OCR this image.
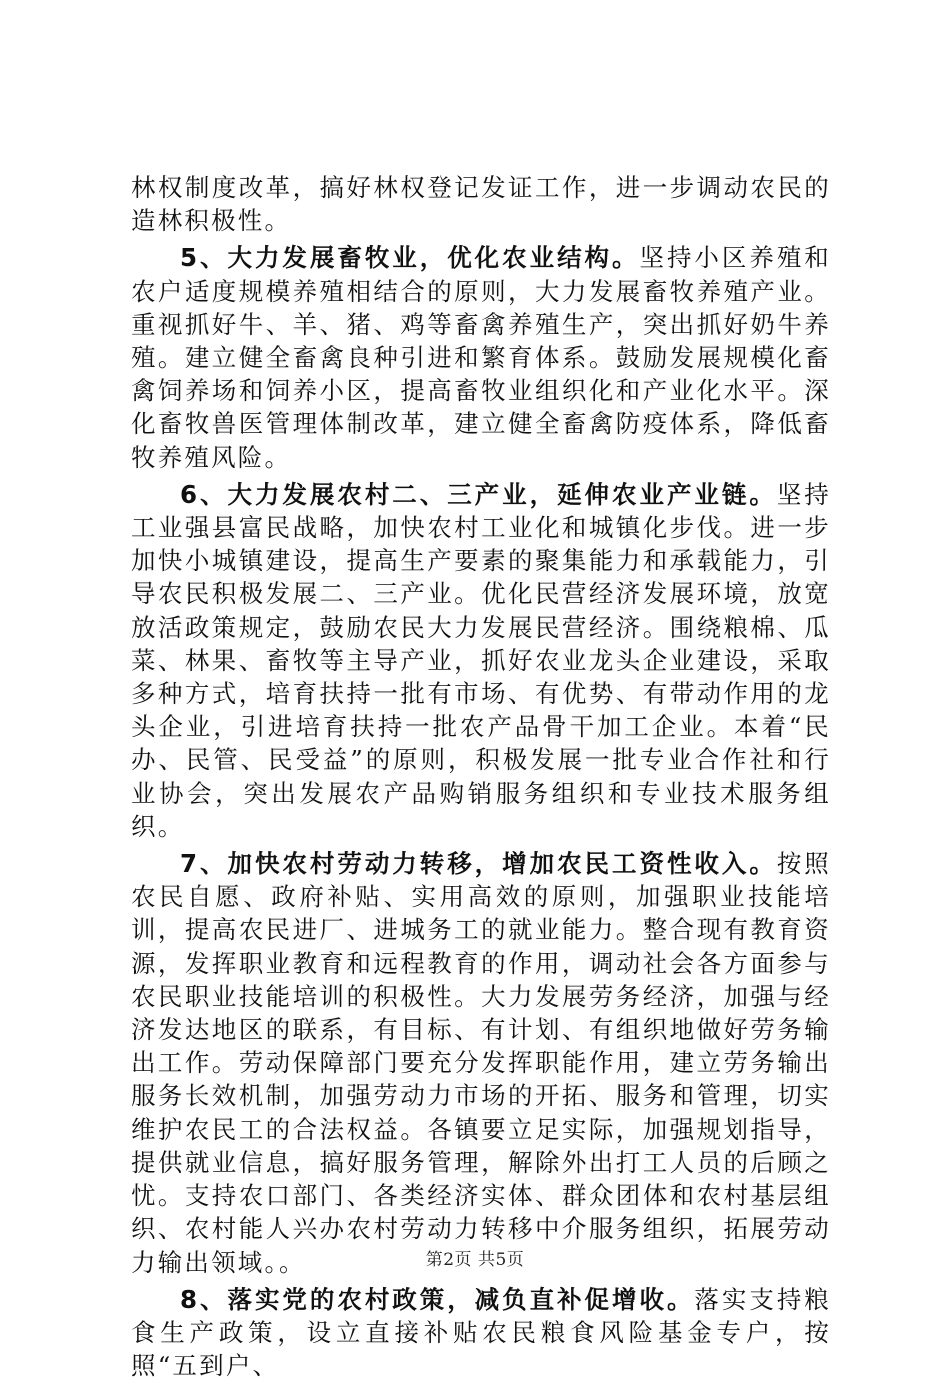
林权制度改革，搞好林权登记发证工作，进一步调动农民的造林积极性。

5、大力发展畜牧业，优化农业结构。坚持小区养殖和农户适度规模养殖相结合的原则，大力发展畜牧养殖产业。重视抓好牛、羊、猪、鸡等畜禽养殖生产，突出抓好奶牛养殖。建立健全畜禽良种引进和繁育体系。鼓励发展规模化畜禽饲养场和饲养小区，提高畜牧业组织化和产业化水平。深化畜牧兽医管理体制改革，建立健全畜禽防疫体系，降低畜牧养殖风险。

6、大力发展农村二、三产业，延伸农业产业链。坚持工业强县富民战略，加快农村工业化和城镇化步伐。进一步加快小城镇建设，提高生产要素的聚集能力和承载能力，引导农民积极发展二、三产业。优化民营经济发展环境，放宽放活政策规定，鼓励农民大力发展民营经济。围绕粮棉、瓜菜、林果、畜牧等主导产业，抓好农业龙头企业建设，采取多种方式，培育扶持一批有市场、有优势、有带动作用的龙头企业，引进培育扶持一批农产品骨干加工企业。本着“民办、民管、民受益”的原则，积极发展一批专业合作社和行业协会，突出发展农产品购销服务组织和专业技术服务组织。

7、加快农村劳动力转移，增加农民工资性收入。按照农民自愿、政府补贴、实用高效的原则，加强职业技能培训，提高农民进厂、进城务工的就业能力。整合现有教育资源，发挥职业教育和远程教育的作用，调动社会各方面参与农民职业技能培训的积极性。大力发展劳务经济，加强与经济发达地区的联系，有目标、有计划、有组织地做好劳务输出工作。劳动保障部门要充分发挥职能作用，建立劳务输出服务长效机制，加强劳动力市场的开拓、服务和管理，切实维护农民工的合法权益。各镇要立足实际，加强规划指导，提供就业信息，搞好服务管理，解除外出打工人员的后顾之忧。支持农口部门、各类经济实体、群众团体和农村基层组织、农村能人兴办农村劳动力转移中介服务组织，拓展劳动力输出领域。。

8、落实党的农村政策，减负直补促增收。落实支持粮食生产政策，设立直接补贴农民粮食风险基金专户，按照“五到户、

第2页 共5页
